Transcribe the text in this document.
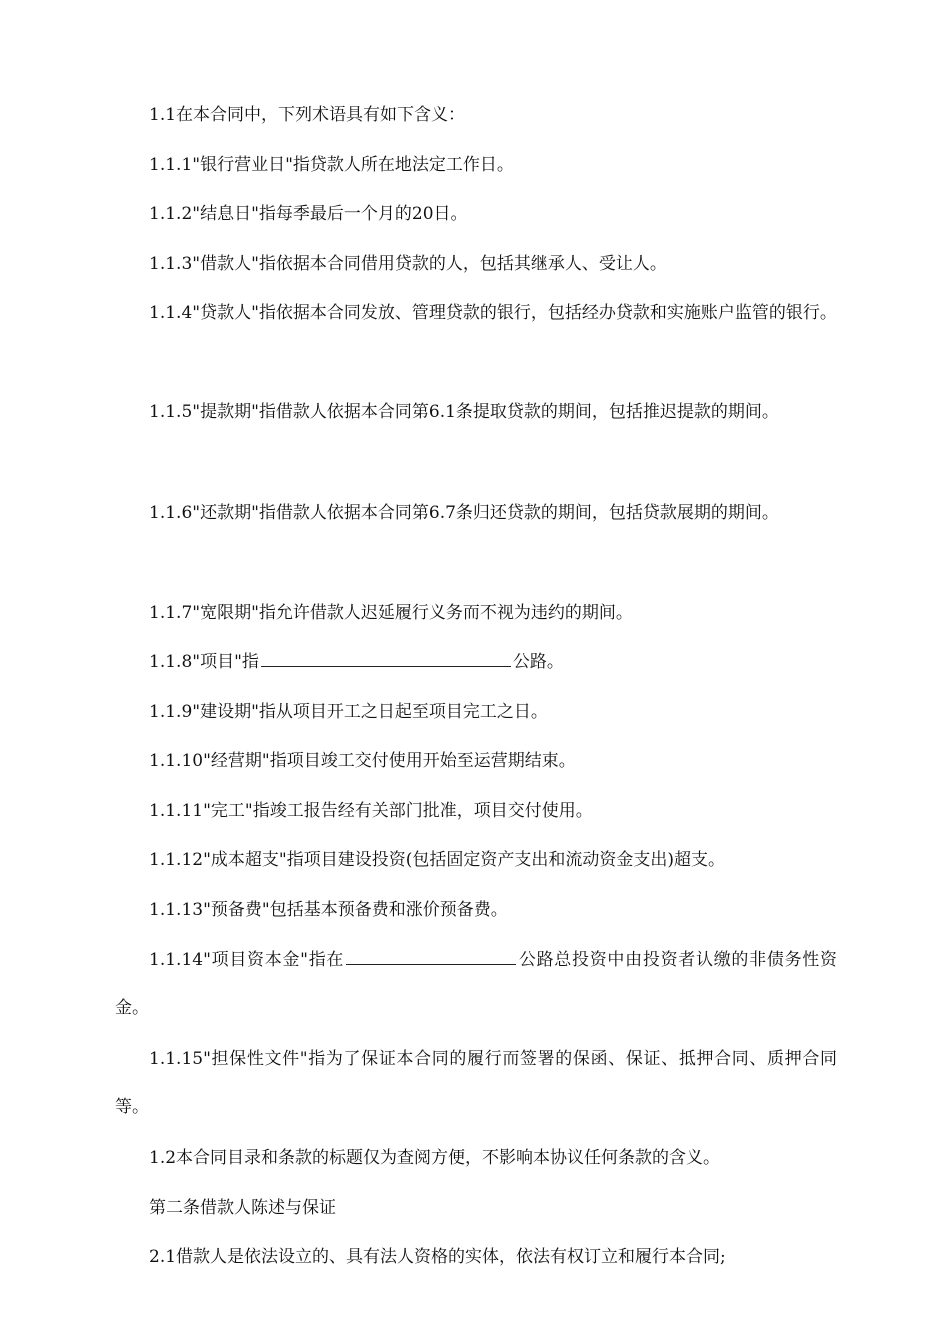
1.1在本合同中，下列术语具有如下含义：

1.1.1"银行营业日"指贷款人所在地法定工作日。

1.1.2"结息日"指每季最后一个月的20日。

1.1.3"借款人"指依据本合同借用贷款的人，包括其继承人、受让人。

1.1.4"贷款人"指依据本合同发放、管理贷款的银行，包括经办贷款和实施账户监管的银行。

1.1.5"提款期"指借款人依据本合同第6.1条提取贷款的期间，包括推迟提款的期间。

1.1.6"还款期"指借款人依据本合同第6.7条归还贷款的期间，包括贷款展期的期间。

1.1.7"宽限期"指允许借款人迟延履行义务而不视为违约的期间。

1.1.8"项目"指	公路。

1.1.9"建设期"指从项目开工之日起至项目完工之日。

1.1.10"经营期"指项目竣工交付使用开始至运营期结束。

1.1.11"完工"指竣工报告经有关部门批准，项目交付使用。

1.1.12"成本超支"指项目建设投资(包括固定资产支出和流动资金支出)超支。

1.1.13"预备费"包括基本预备费和涨价预备费。

1.1.14"项目资本金"指在	公路总投资中由投资者认缴的非债务性资金。

1.1.15"担保性文件"指为了保证本合同的履行而签署的保函、保证、抵押合同、质押合同等。

1.2本合同目录和条款的标题仅为查阅方便，不影响本协议任何条款的含义。

第二条借款人陈述与保证

2.1借款人是依法设立的、具有法人资格的实体，依法有权订立和履行本合同;
